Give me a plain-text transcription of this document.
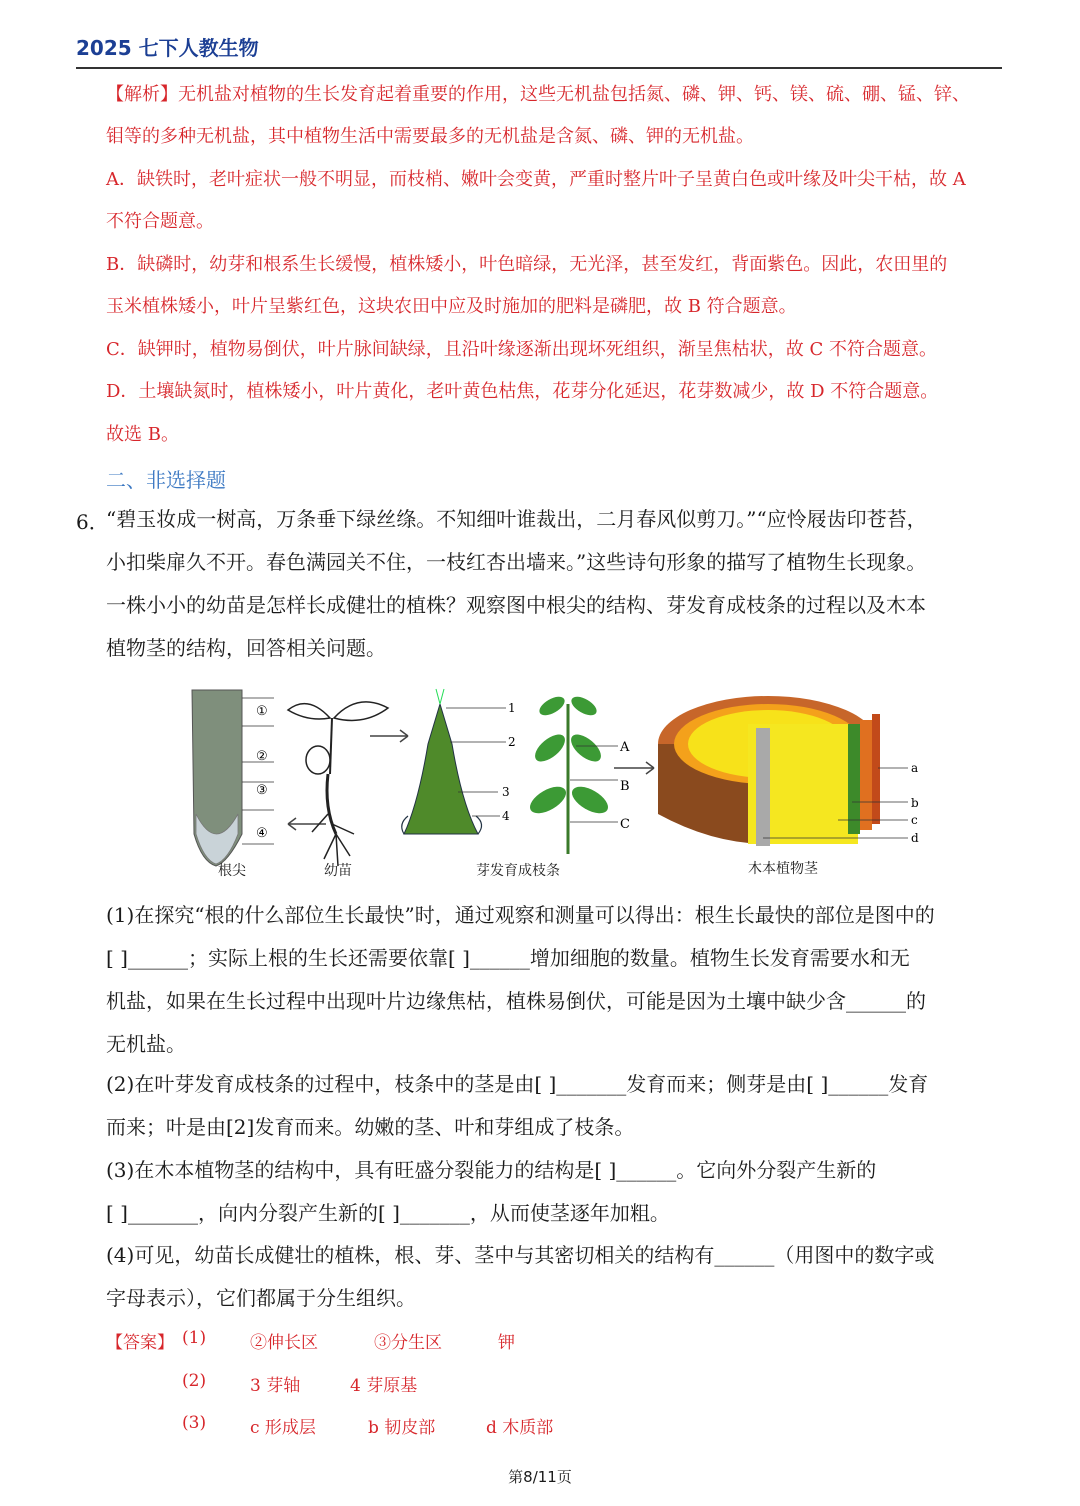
2025 七下人教生物
【解析】无机盐对植物的生长发育起着重要的作用，这些无机盐包括氮、磷、钾、钙、镁、硫、硼、锰、锌、
钼等的多种无机盐，其中植物生活中需要最多的无机盐是含氮、磷、钾的无机盐。
A．缺铁时，老叶症状一般不明显，而枝梢、嫩叶会变黄，严重时整片叶子呈黄白色或叶缘及叶尖干枯，故 A
不符合题意。
B．缺磷时，幼芽和根系生长缓慢，植株矮小，叶色暗绿，无光泽，甚至发红，背面紫色。因此，农田里的
玉米植株矮小，叶片呈紫红色，这块农田中应及时施加的肥料是磷肥，故 B 符合题意。
C．缺钾时，植物易倒伏，叶片脉间缺绿，且沿叶缘逐渐出现坏死组织，渐呈焦枯状，故 C 不符合题意。
D．土壤缺氮时，植株矮小，叶片黄化，老叶黄色枯焦，花芽分化延迟，花芽数减少，故 D 不符合题意。
故选 B。
二、非选择题
6．
“碧玉妆成一树高，万条垂下绿丝绦。不知细叶谁裁出，二月春风似剪刀。”“应怜屐齿印苍苔，
小扣柴扉久不开。春色满园关不住，一枝红杏出墙来。”这些诗句形象的描写了植物生长现象。
一株小小的幼苗是怎样长成健壮的植株？观察图中根尖的结构、芽发育成枝条的过程以及木本
植物茎的结构，回答相关问题。
①
②
③
④
1
2
3
4
A
B
C
a
b
c
d
根尖	幼苗	芽发育成枝条	木本植物茎
(1)在探究“根的什么部位生长最快”时，通过观察和测量可以得出：根生长最快的部位是图中的
[ ]______；实际上根的生长还需要依靠[ ]______增加细胞的数量。植物生长发育需要水和无
机盐，如果在生长过程中出现叶片边缘焦枯，植株易倒伏，可能是因为土壤中缺少含______的
无机盐。
(2)在叶芽发育成枝条的过程中，枝条中的茎是由[ ]_______发育而来；侧芽是由[ ]______发育
而来；叶是由[2]发育而来。幼嫩的茎、叶和芽组成了枝条。
(3)在木本植物茎的结构中，具有旺盛分裂能力的结构是[ ]______。它向外分裂产生新的
[ ]_______，向内分裂产生新的[ ]_______，从而使茎逐年加粗。
(4)可见，幼苗长成健壮的植株，根、芽、茎中与其密切相关的结构有______（用图中的数字或
字母表示），它们都属于分生组织。
【答案】 (1)	②伸长区	③分生区	钾
(2)	3 芽轴	4 芽原基
(3)	c 形成层	b 韧皮部	d 木质部
第8/11页
